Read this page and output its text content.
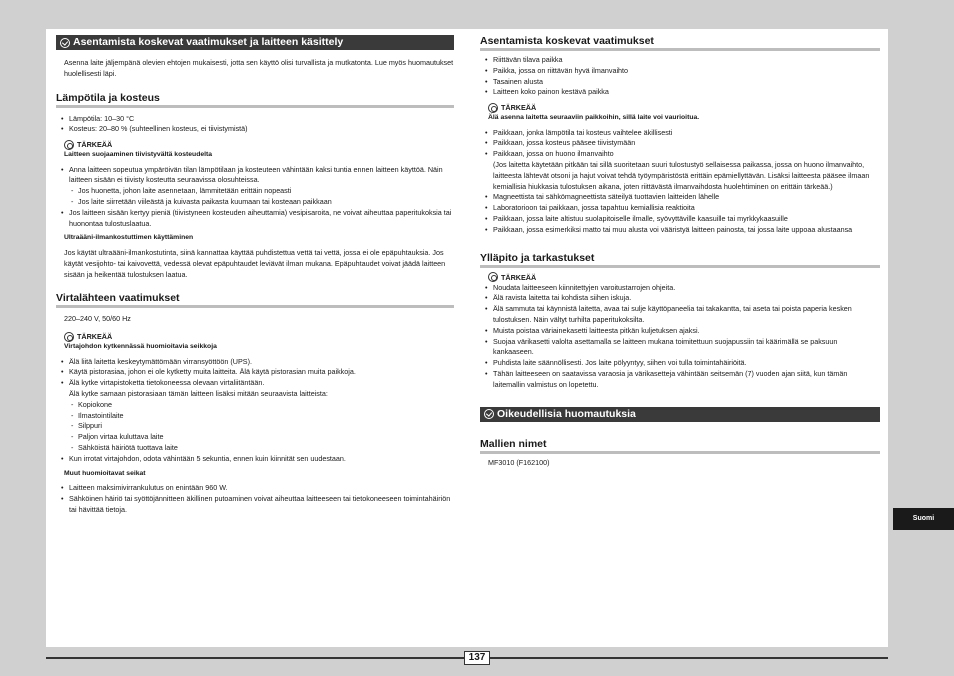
Asentamista koskevat vaatimukset ja laitteen käsittely

Asenna laite jäljempänä olevien ehtojen mukaisesti, jotta sen käyttö olisi turvallista ja mutkatonta. Lue myös huomautukset huolellisesti läpi.

Lämpötila ja kosteus
• Lämpötila: 10–30 °C
• Kosteus: 20–80 % (suhteellinen kosteus, ei tiivistymistä)
TÄRKEÄÄ
Laitteen suojaaminen tiivistyvältä kosteudelta
• Anna laitteen sopeutua ympäröivän tilan lämpötilaan ja kosteuteen vähintään kaksi tuntia ennen laitteen käyttöä. Näin laitteen sisään ei tiivisty kosteutta seuraavissa olosuhteissa.
- Jos huonetta, johon laite asennetaan, lämmitetään erittäin nopeasti
- Jos laite siirretään viileästä ja kuivasta paikasta kuumaan tai kosteaan paikkaan
• Jos laitteen sisään kertyy pieniä (tiivistyneen kosteuden aiheuttamia) vesipisaroita, ne voivat aiheuttaa paperitukoksia tai huonontaa tulostuslaatua.
Ultraääni-ilmankostuttimen käyttäminen

Jos käytät ultraääni-ilmankostutinta, siinä kannattaa käyttää puhdistettua vettä tai vettä, jossa ei ole epäpuhtauksia. Jos käytät vesijohto- tai kaivovettä, vedessä olevat epäpuhtaudet leviävät ilman mukana. Epäpuhtaudet voivat jäädä laitteen sisään ja heikentää tulostuksen laatua.

Virtalähteen vaatimukset

220–240 V, 50/60 Hz

TÄRKEÄÄ
Virtajohdon kytkennässä huomioitavia seikkoja
• Älä liitä laitetta keskeytymättömään virransyöttöön (UPS).
• Käytä pistorasiaa, johon ei ole kytketty muita laitteita. Älä käytä pistorasian muita paikkoja.
• Älä kytke virtapistoketta tietokoneessa olevaan virtaliitäntään.
Älä kytke samaan pistorasiaan tämän laitteen lisäksi mitään seuraavista laitteista:
- Kopiokone
- Ilmastointilaite
- Silppuri
- Paljon virtaa kuluttava laite
- Sähköistä häiriötä tuottava laite
• Kun irrotat virtajohdon, odota vähintään 5 sekuntia, ennen kuin kiinnität sen uudestaan.
Muut huomioitavat seikat
• Laitteen maksimivirrankulutus on enintään 960 W.
• Sähköinen häiriö tai syöttöjännitteen äkillinen putoaminen voivat aiheuttaa laitteeseen tai tietokoneeseen toimintahäiriön tai hävittää tietoja.
Asentamista koskevat vaatimukset
• Riittävän tilava paikka
• Paikka, jossa on riittävän hyvä ilmanvaihto
• Tasainen alusta
• Laitteen koko painon kestävä paikka
TÄRKEÄÄ
Älä asenna laitetta seuraaviin paikkoihin, sillä laite voi vaurioitua.
• Paikkaan, jonka lämpötila tai kosteus vaihtelee äkillisesti
• Paikkaan, jossa kosteus pääsee tiivistymään
• Paikkaan, jossa on huono ilmanvaihto
(Jos laitetta käytetään pitkään tai sillä suoritetaan suuri tulostustyö sellaisessa paikassa, jossa on huono ilmanvaihto, laitteesta lähtevät otsoni ja hajut voivat tehdä työympäristöstä erittäin epämiellyttävän. Lisäksi laitteesta pääsee ilmaan kemiallisia hiukkasia tulostuksen aikana, joten riittävästä ilmanvaihdosta huolehtiminen on erittäin tärkeää.)
• Magneettista tai sähkömagneettista säteilyä tuottavien laitteiden lähelle
• Laboratorioon tai paikkaan, jossa tapahtuu kemiallisia reaktioita
• Paikkaan, jossa laite altistuu suolapitoiselle ilmalle, syövyttäville kaasuille tai myrkkykaasuille
• Paikkaan, jossa esimerkiksi matto tai muu alusta voi vääristyä laitteen painosta, tai jossa laite uppoaa alustaansa
Ylläpito ja tarkastukset
TÄRKEÄÄ
• Noudata laitteeseen kiinnitettyjen varoitustarrojen ohjeita.
• Älä ravista laitetta tai kohdista siihen iskuja.
• Älä sammuta tai käynnistä laitetta, avaa tai sulje käyttöpaneelia tai takakantta, tai aseta tai poista paperia kesken tulostuksen. Näin vältyt turhilta paperitukoksilta.
• Muista poistaa väriainekasetti laitteesta pitkän kuljetuksen ajaksi.
• Suojaa värikasetti valolta asettamalla se laitteen mukana toimitettuun suojapussiin tai käärimällä se paksuun kankaaseen.
• Puhdista laite säännöllisesti. Jos laite pölyyntyy, siihen voi tulla toimintahäiriöitä.
• Tähän laitteeseen on saatavissa varaosia ja värikasetteja vähintään seitsemän (7) vuoden ajan siitä, kun tämän laitemallin valmistus on lopetettu.
Oikeudellisia huomautuksia
Mallien nimet

MF3010 (F162100)

Suomi
137
